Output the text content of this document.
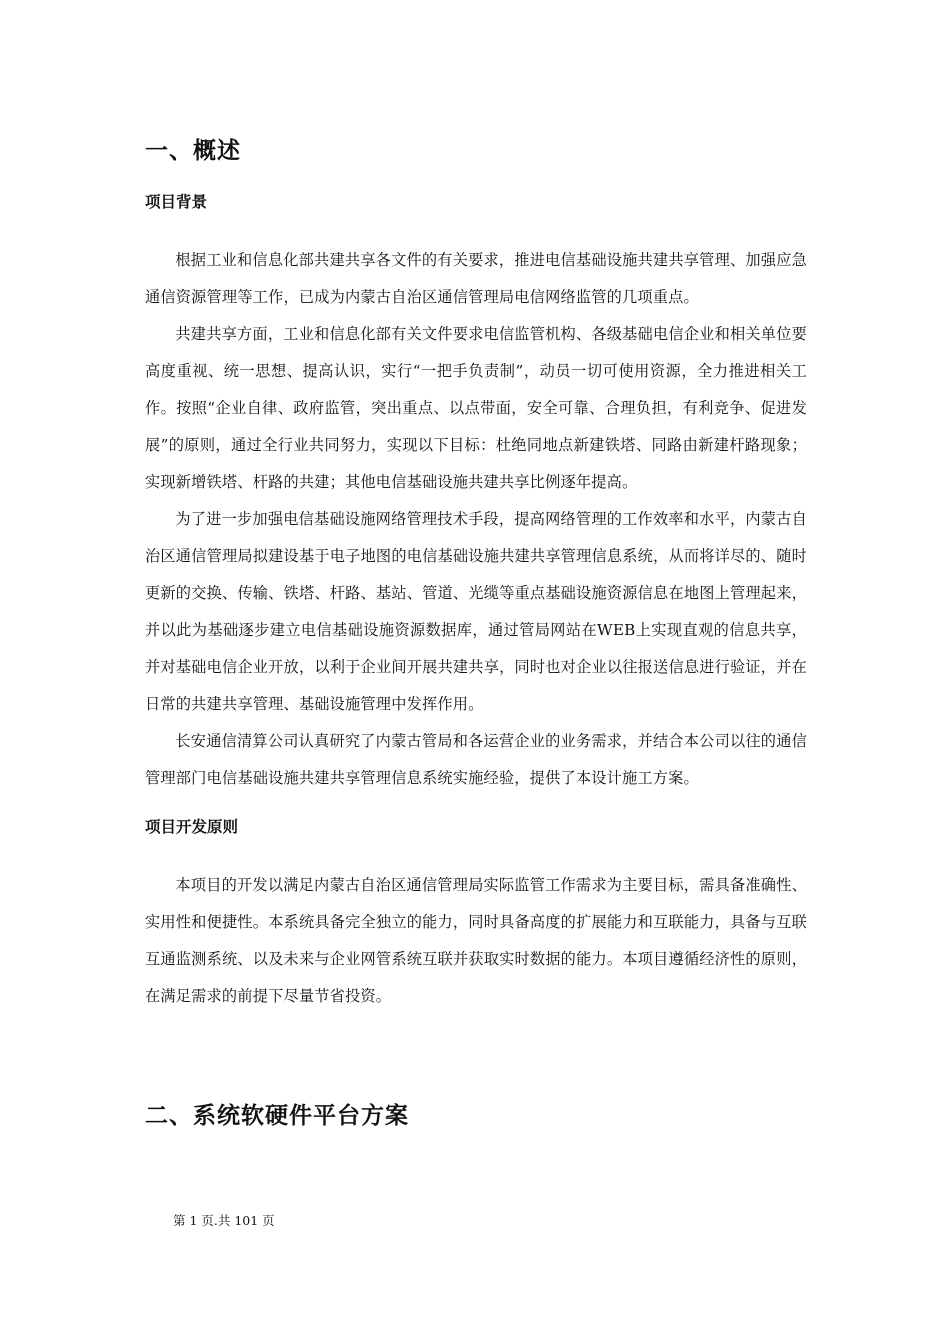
一、概述
项目背景

根据工业和信息化部共建共享各文件的有关要求，推进电信基础设施共建共享管理、加强应急通信资源管理等工作，已成为内蒙古自治区通信管理局电信网络监管的几项重点。

共建共享方面，工业和信息化部有关文件要求电信监管机构、各级基础电信企业和相关单位要高度重视、统一思想、提高认识，实行“一把手负责制”，动员一切可使用资源，全力推进相关工作。按照“企业自律、政府监管，突出重点、以点带面，安全可靠、合理负担，有利竞争、促进发展”的原则，通过全行业共同努力，实现以下目标：杜绝同地点新建铁塔、同路由新建杆路现象；实现新增铁塔、杆路的共建；其他电信基础设施共建共享比例逐年提高。

为了进一步加强电信基础设施网络管理技术手段，提高网络管理的工作效率和水平，内蒙古自治区通信管理局拟建设基于电子地图的电信基础设施共建共享管理信息系统，从而将详尽的、随时更新的交换、传输、铁塔、杆路、基站、管道、光缆等重点基础设施资源信息在地图上管理起来，并以此为基础逐步建立电信基础设施资源数据库，通过管局网站在WEB上实现直观的信息共享，并对基础电信企业开放，以利于企业间开展共建共享，同时也对企业以往报送信息进行验证，并在日常的共建共享管理、基础设施管理中发挥作用。

长安通信清算公司认真研究了内蒙古管局和各运营企业的业务需求，并结合本公司以往的通信管理部门电信基础设施共建共享管理信息系统实施经验，提供了本设计施工方案。

项目开发原则

本项目的开发以满足内蒙古自治区通信管理局实际监管工作需求为主要目标，需具备准确性、实用性和便捷性。本系统具备完全独立的能力，同时具备高度的扩展能力和互联能力，具备与互联互通监测系统、以及未来与企业网管系统互联并获取实时数据的能力。本项目遵循经济性的原则，在满足需求的前提下尽量节省投资。

二、系统软硬件平台方案
第 1 页.共 101 页
